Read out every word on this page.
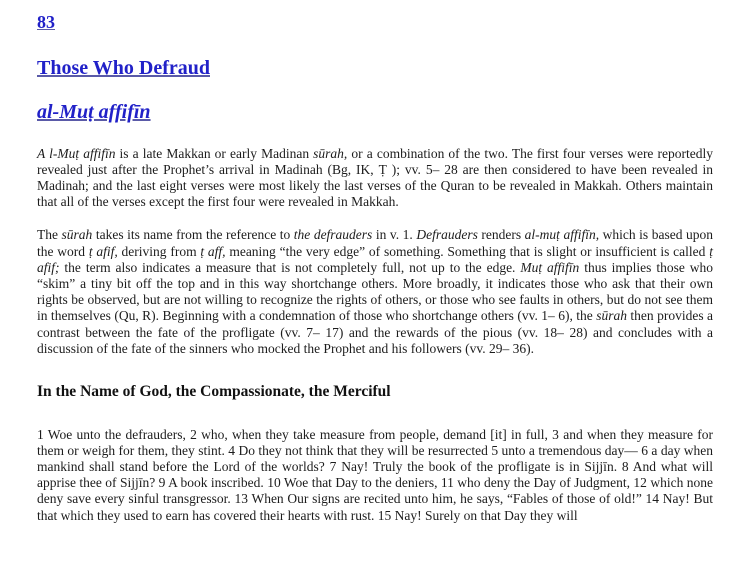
83
Those Who Defraud
al-Muṭ affifīn

A l-Muṭ affifīn is a late Makkan or early Madinan sūrah, or a combination of the two. The first four verses were reportedly revealed just after the Prophet’s arrival in Madinah (Bg, IK, Ṭ ); vv. 5– 28 are then considered to have been revealed in Madinah; and the last eight verses were most likely the last verses of the Quran to be revealed in Makkah. Others maintain that all of the verses except the first four were revealed in Makkah.

The sūrah takes its name from the reference to the defrauders in v. 1. Defrauders renders al-muṭ affifīn, which is based upon the word ṭ afif, deriving from ṭ aff, meaning “the very edge” of something. Something that is slight or insufficient is called ṭ afif; the term also indicates a measure that is not completely full, not up to the edge. Muṭ affifīn thus implies those who “skim” a tiny bit off the top and in this way shortchange others. More broadly, it indicates those who ask that their own rights be observed, but are not willing to recognize the rights of others, or those who see faults in others, but do not see them in themselves (Qu, R). Beginning with a condemnation of those who shortchange others (vv. 1– 6), the sūrah then provides a contrast between the fate of the profligate (vv. 7– 17) and the rewards of the pious (vv. 18– 28) and concludes with a discussion of the fate of the sinners who mocked the Prophet and his followers (vv. 29– 36).

In the Name of God, the Compassionate, the Merciful

1 Woe unto the defrauders, 2 who, when they take measure from people, demand [it] in full, 3 and when they measure for them or weigh for them, they stint. 4 Do they not think that they will be resurrected 5 unto a tremendous day— 6 a day when mankind shall stand before the Lord of the worlds? 7 Nay! Truly the book of the profligate is in Sijjīn. 8 And what will apprise thee of Sijjīn? 9 A book inscribed. 10 Woe that Day to the deniers, 11 who deny the Day of Judgment, 12 which none deny save every sinful transgressor. 13 When Our signs are recited unto him, he says, “Fables of those of old!” 14 Nay! But that which they used to earn has covered their hearts with rust. 15 Nay! Surely on that Day they will
